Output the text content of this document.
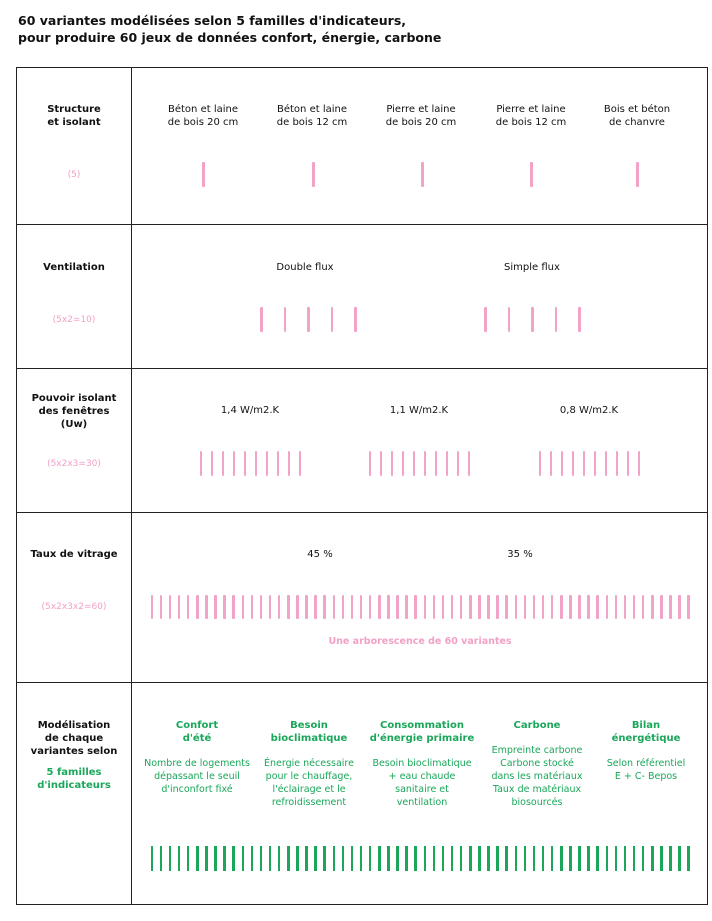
60 variantes modélisées selon 5 familles d'indicateurs,
pour produire 60 jeux de données confort, énergie, carbone
Structure
et isolant
(5)
Béton et laine
de bois 20 cm
Béton et laine
de bois 12 cm
Pierre et laine
de bois 20 cm
Pierre et laine
de bois 12 cm
Bois et béton
de chanvre
Ventilation
(5x2=10)
Double flux	Simple flux
Pouvoir isolant
des fenêtres
(Uw)
(5x2x3=30)
1,4 W/m2.K	1,1 W/m2.K	0,8 W/m2.K
Taux de vitrage
(5x2x3x2=60)
45 %	35 %
Une arborescence de 60 variantes
Modélisation
de chaque
variantes selon
5 familles
d'indicateurs
Confort
d'été
Nombre de logements
dépassant le seuil
d'inconfort fixé
Besoin
bioclimatique
Énergie nécessaire
pour le chauffage,
l'éclairage et le
refroidissement
Consommation
d'énergie primaire
Besoin bioclimatique
+ eau chaude
sanitaire et
ventilation
Carbone
Empreinte carbone
Carbone stocké
dans les matériaux
Taux de matériaux
biosourcés
Bilan
énergétique
Selon référentiel
E + C- Bepos
